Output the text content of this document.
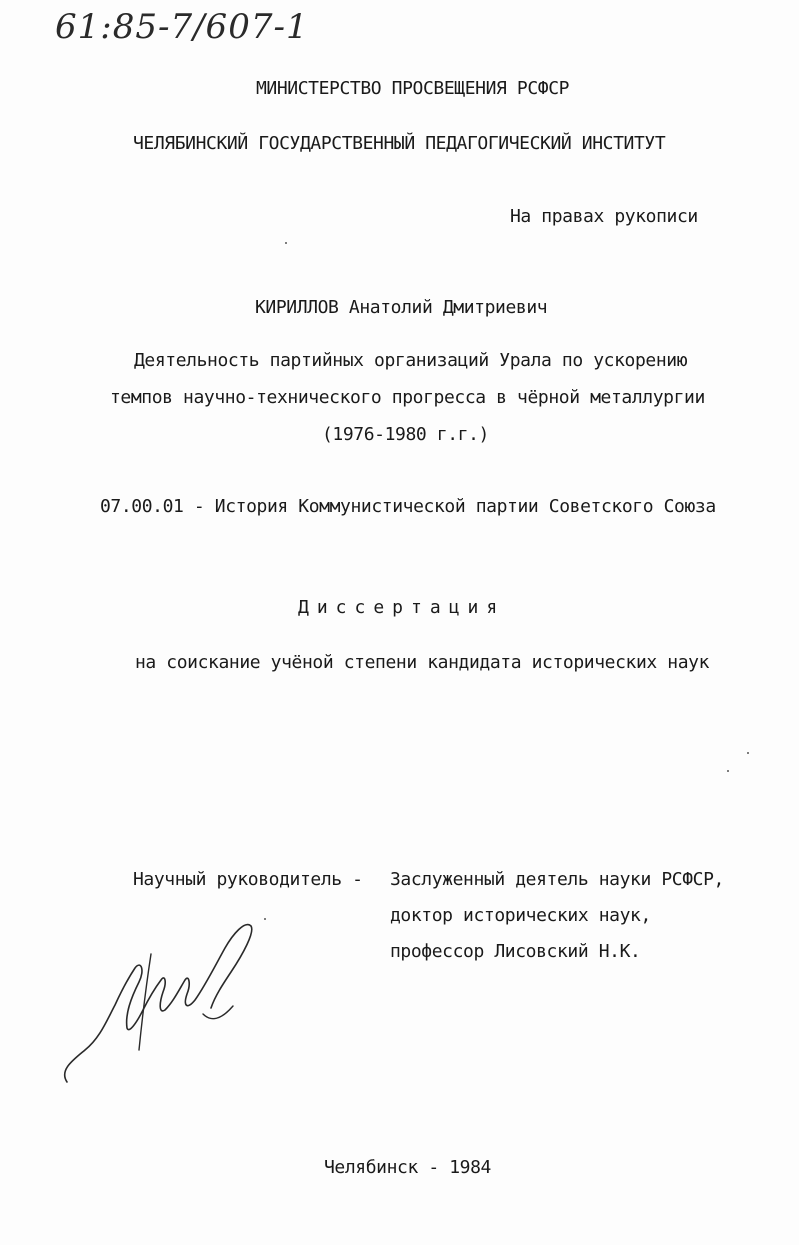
61:85-7/607-1
МИНИСТЕРСТВО ПРОСВЕЩЕНИЯ РСФСР
ЧЕЛЯБИНСКИЙ ГОСУДАРСТВЕННЫЙ ПЕДАГОГИЧЕСКИЙ ИНСТИТУТ
На правах рукописи
КИРИЛЛОВ Анатолий Дмитриевич
Деятельность партийных организаций Урала по ускорению
темпов научно-технического прогресса в чёрной металлургии
(1976-1980 г.г.)
07.00.01 - История Коммунистической партии Советского Союза
Диссертация
на соискание учёной степени кандидата исторических наук
Научный руководитель - Заслуженный деятель науки РСФСР,
доктор исторических наук,
профессор Лисовский Н.К.
Челябинск - 1984
